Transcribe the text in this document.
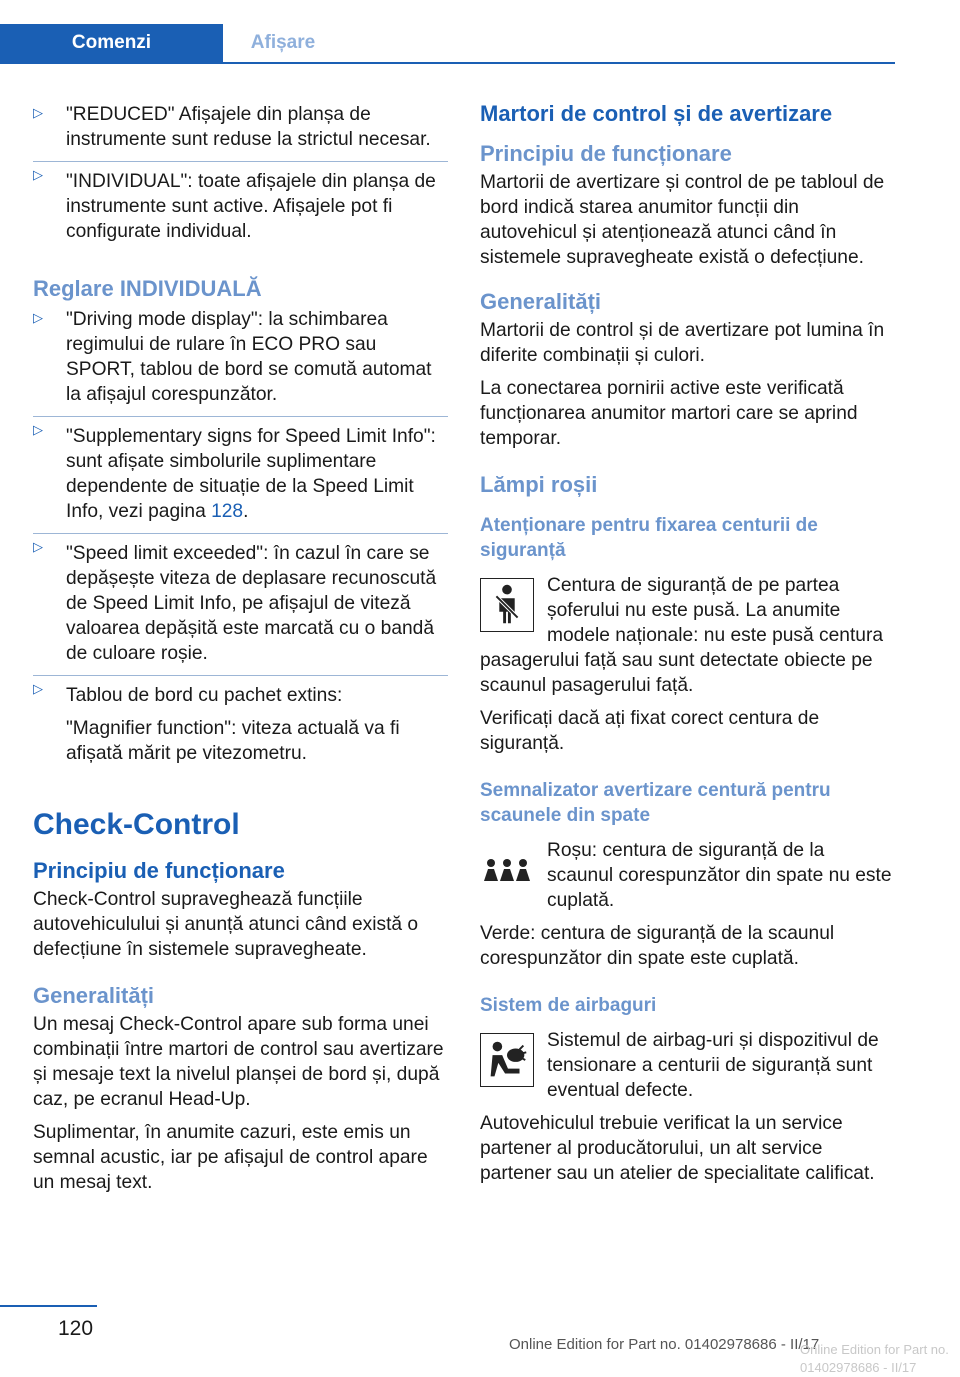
Comenzi	Afișare
▷	"REDUCED" Afișajele din planșa de instrumente sunt reduse la strictul necesar.
▷	"INDIVIDUAL": toate afișajele din planșa de instrumente sunt active. Afișajele pot fi configurate individual.
Reglare INDIVIDUALĂ
▷	"Driving mode display": la schimbarea regimului de rulare în ECO PRO sau SPORT, tablou de bord se comută automat la afișajul corespunzător.
▷	"Supplementary signs for Speed Limit Info": sunt afișate simbolurile suplimentare dependente de situație de la Speed Limit Info, vezi pagina 128.
▷	"Speed limit exceeded": în cazul în care se depășește viteza de deplasare recunoscută de Speed Limit Info, pe afișajul de viteză valoarea depășită este marcată cu o bandă de culoare roșie.
▷	Tablou de bord cu pachet extins:
"Magnifier function": viteza actuală va fi afișată mărit pe vitezometru.
Check-Control
Principiu de funcționare

Check-Control supraveghează funcțiile autovehiculului și anunță atunci când există o defecțiune în sistemele supravegheate.

Generalități

Un mesaj Check-Control apare sub forma unei combinații între martori de control sau avertizare și mesaje text la nivelul planșei de bord și, după caz, pe ecranul Head-Up.

Suplimentar, în anumite cazuri, este emis un semnal acustic, iar pe afișajul de control apare un mesaj text.

Martori de control și de avertizare
Principiu de funcționare

Martorii de avertizare și control de pe tabloul de bord indică starea anumitor funcții din autovehicul și atenționează atunci când în sistemele supravegheate există o defecțiune.

Generalități

Martorii de control și de avertizare pot lumina în diferite combinații și culori.

La conectarea pornirii active este verificată funcționarea anumitor martori care se aprind temporar.

Lămpi roșii
Atenționare pentru fixarea centurii de siguranță

Centura de siguranță de pe partea șoferului nu este pusă. La anumite modele naționale: nu este pusă centura

pasagerului față sau sunt detectate obiecte pe scaunul pasagerului față.

Verificați dacă ați fixat corect centura de siguranță.

Semnalizator avertizare centură pentru scaunele din spate

Roșu: centura de siguranță de la scaunul corespunzător din spate nu este cuplată.

Verde: centura de siguranță de la scaunul corespunzător din spate este cuplată.

Sistem de airbaguri

Sistemul de airbag-uri și dispozitivul de tensionare a centurii de siguranță sunt eventual defecte.

Autovehiculul trebuie verificat la un service partener al producătorului, un alt service partener sau un atelier de specialitate calificat.

120
Online Edition for Part no. 01402978686 - II/17
Online Edition for Part no. 01402978686 - II/17
